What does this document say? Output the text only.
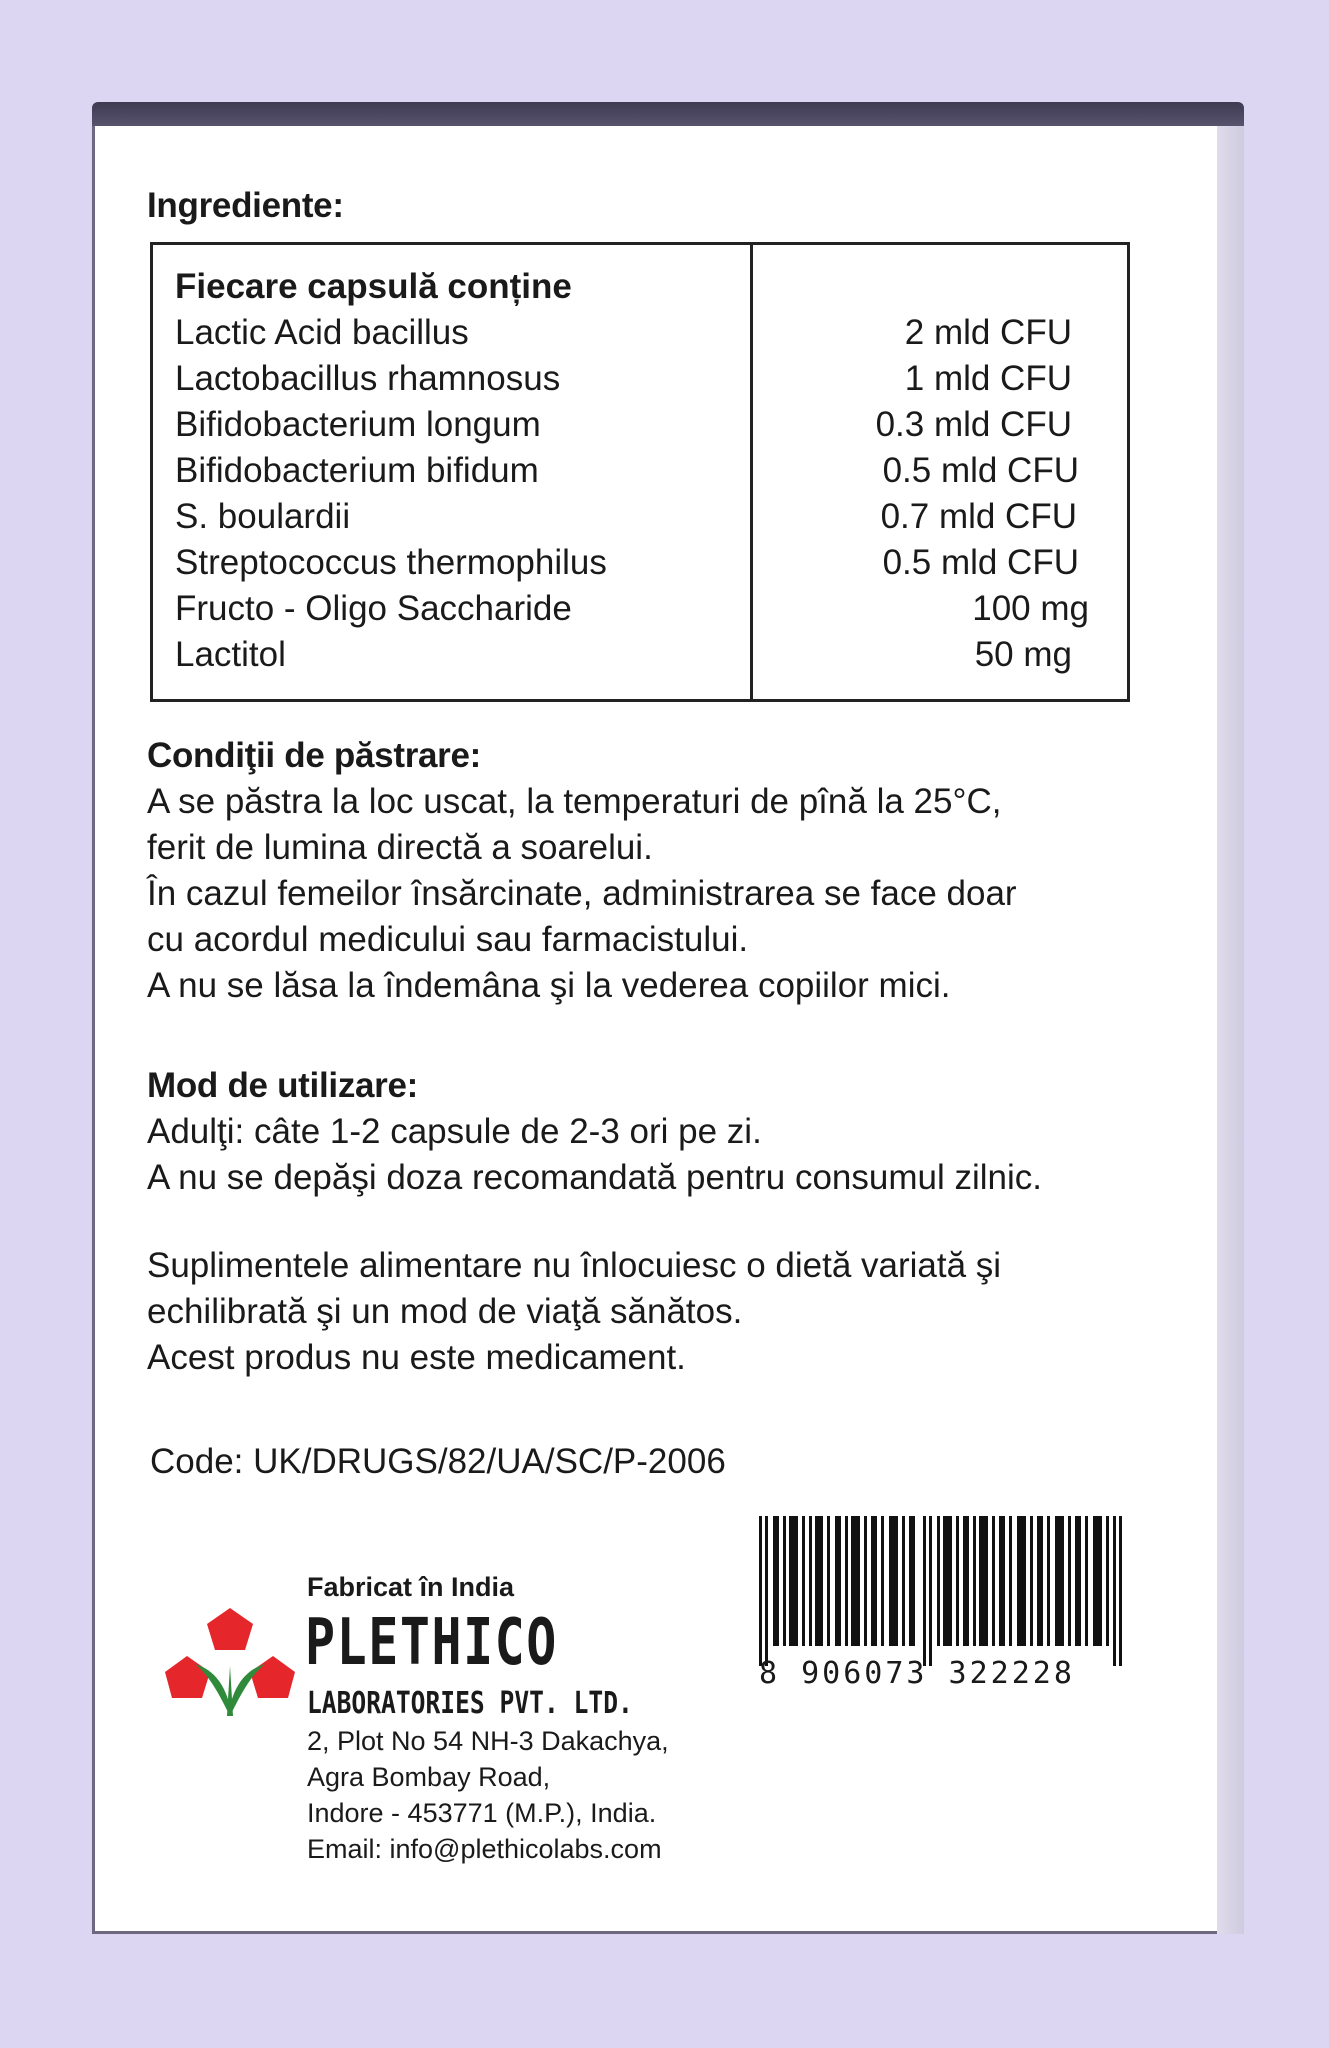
Ingrediente:
Fiecare capsulă conține
Lactic Acid bacillus
Lactobacillus rhamnosus
Bifidobacterium longum
Bifidobacterium bifidum
S. boulardii
Streptococcus thermophilus
Fructo - Oligo Saccharide
Lactitol
2 mld CFU
1 mld CFU
0.3 mld CFU
0.5 mld CFU
0.7 mld CFU
0.5 mld CFU
100 mg
50 mg
Condiţii de păstrare:
A se păstra la loc uscat, la temperaturi de pînă la 25°C,
ferit de lumina directă a soarelui.
În cazul femeilor însărcinate, administrarea se face doar
cu acordul medicului sau farmacistului.
A nu se lăsa la îndemâna şi la vederea copiilor mici.
Mod de utilizare:
Adulţi: câte 1-2 capsule de 2-3 ori pe zi.
A nu se depăşi doza recomandată pentru consumul zilnic.
Suplimentele alimentare nu înlocuiesc o dietă variată şi
echilibrată şi un mod de viaţă sănătos.
Acest produs nu este medicament.
Code: UK/DRUGS/82/UA/SC/P-2006
8 906073 322228
Fabricat în India
PLETHICO
LABORATORIES PVT. LTD.
2, Plot No 54 NH-3 Dakachya,
Agra Bombay Road,
Indore - 453771 (M.P.), India.
Email: info@plethicolabs.com
